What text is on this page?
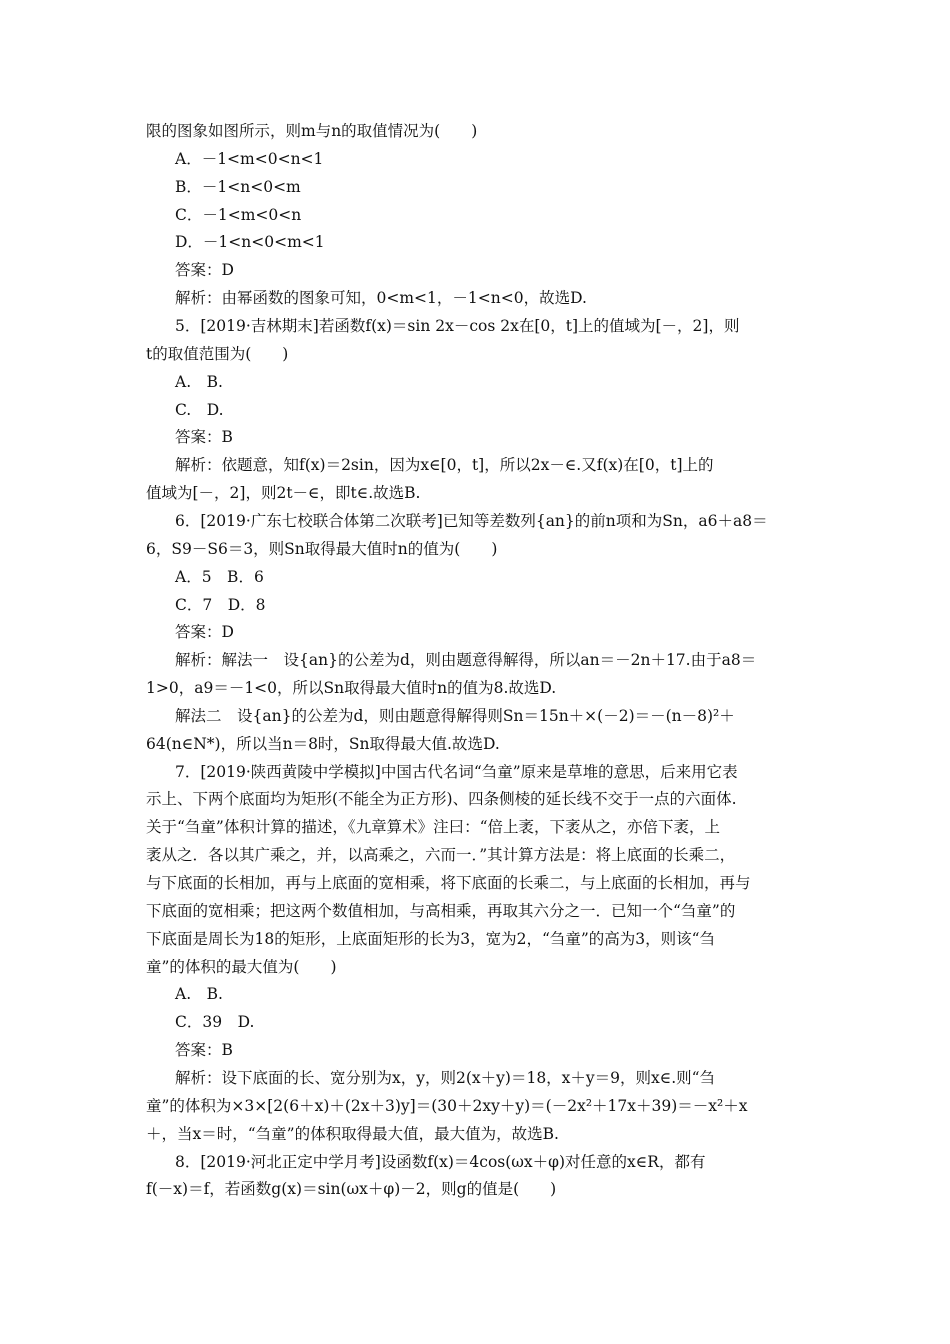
限的图象如图所示，则m与n的取值情况为(　　)
A．－1<m<0<n<1
B．－1<n<0<m
C．－1<m<0<n
D．－1<n<0<m<1
答案：D
解析：由幂函数的图象可知，0<m<1，－1<n<0，故选D.
5．[2019·吉林期末]若函数f(x)＝sin 2x－cos 2x在[0，t]上的值域为[－，2]，则
t的取值范围为(　　)
A.　B.
C.　D.
答案：B
解析：依题意，知f(x)＝2sin，因为x∈[0，t]，所以2x－∈.又f(x)在[0，t]上的
值域为[－，2]，则2t－∈，即t∈.故选B.
6．[2019·广东七校联合体第二次联考]已知等差数列{an}的前n项和为Sn，a6＋a8＝
6，S9－S6＝3，则Sn取得最大值时n的值为(　　)
A．5　B．6
C．7　D．8
答案：D
解析：解法一　设{an}的公差为d，则由题意得解得，所以an＝－2n＋17.由于a8＝
1>0，a9＝－1<0，所以Sn取得最大值时n的值为8.故选D.
解法二　设{an}的公差为d，则由题意得解得则Sn＝15n＋×(－2)＝－(n－8)²＋
64(n∈N*)，所以当n＝8时，Sn取得最大值.故选D.
7．[2019·陕西黄陵中学模拟]中国古代名词“刍童”原来是草堆的意思，后来用它表
示上、下两个底面均为矩形(不能全为正方形)、四条侧棱的延长线不交于一点的六面体.
关于“刍童”体积计算的描述，《九章算术》注曰：“倍上袤，下袤从之，亦倍下袤，上
袤从之．各以其广乘之，并，以高乘之，六而一．”其计算方法是：将上底面的长乘二，
与下底面的长相加，再与上底面的宽相乘，将下底面的长乘二，与上底面的长相加，再与
下底面的宽相乘；把这两个数值相加，与高相乘，再取其六分之一．已知一个“刍童”的
下底面是周长为18的矩形，上底面矩形的长为3，宽为2，“刍童”的高为3，则该“刍
童”的体积的最大值为(　　)
A.　B.
C．39　D.
答案：B
解析：设下底面的长、宽分别为x，y，则2(x＋y)＝18，x＋y＝9，则x∈.则“刍
童”的体积为×3×[2(6＋x)＋(2x＋3)y]＝(30＋2xy＋y)＝(－2x²＋17x＋39)＝－x²＋x
＋，当x＝时，“刍童”的体积取得最大值，最大值为，故选B.
8．[2019·河北正定中学月考]设函数f(x)＝4cos(ωx＋φ)对任意的x∈R，都有
f(－x)＝f，若函数g(x)＝sin(ωx＋φ)－2，则g的值是(　　)
